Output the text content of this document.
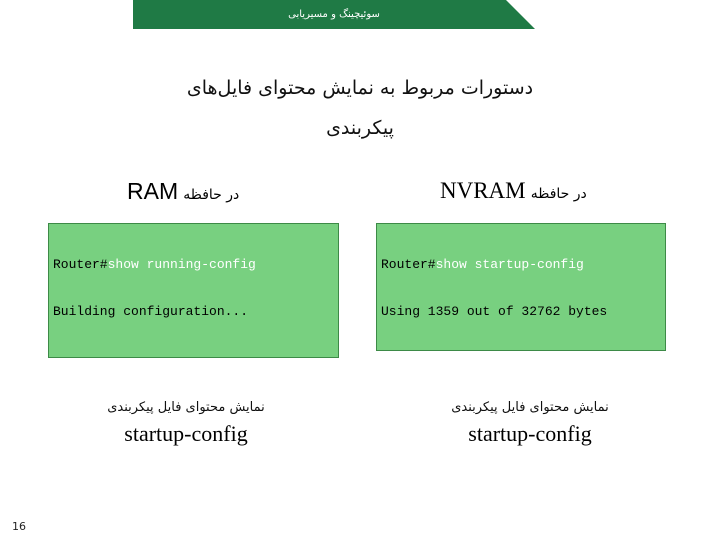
سوئیچینگ و مسیریابی
دستورات مربوط به نمایش محتوای فایل‌های
پیکربندی
در حافظه RAM	در حافظه NVRAM

Router#show running-config

Building configuration...

Router#show startup-config

Using 1359 out of 32762 bytes

نمایش محتوای فایل پیکربندی
startup-config
نمایش محتوای فایل پیکربندی
startup-config
16
